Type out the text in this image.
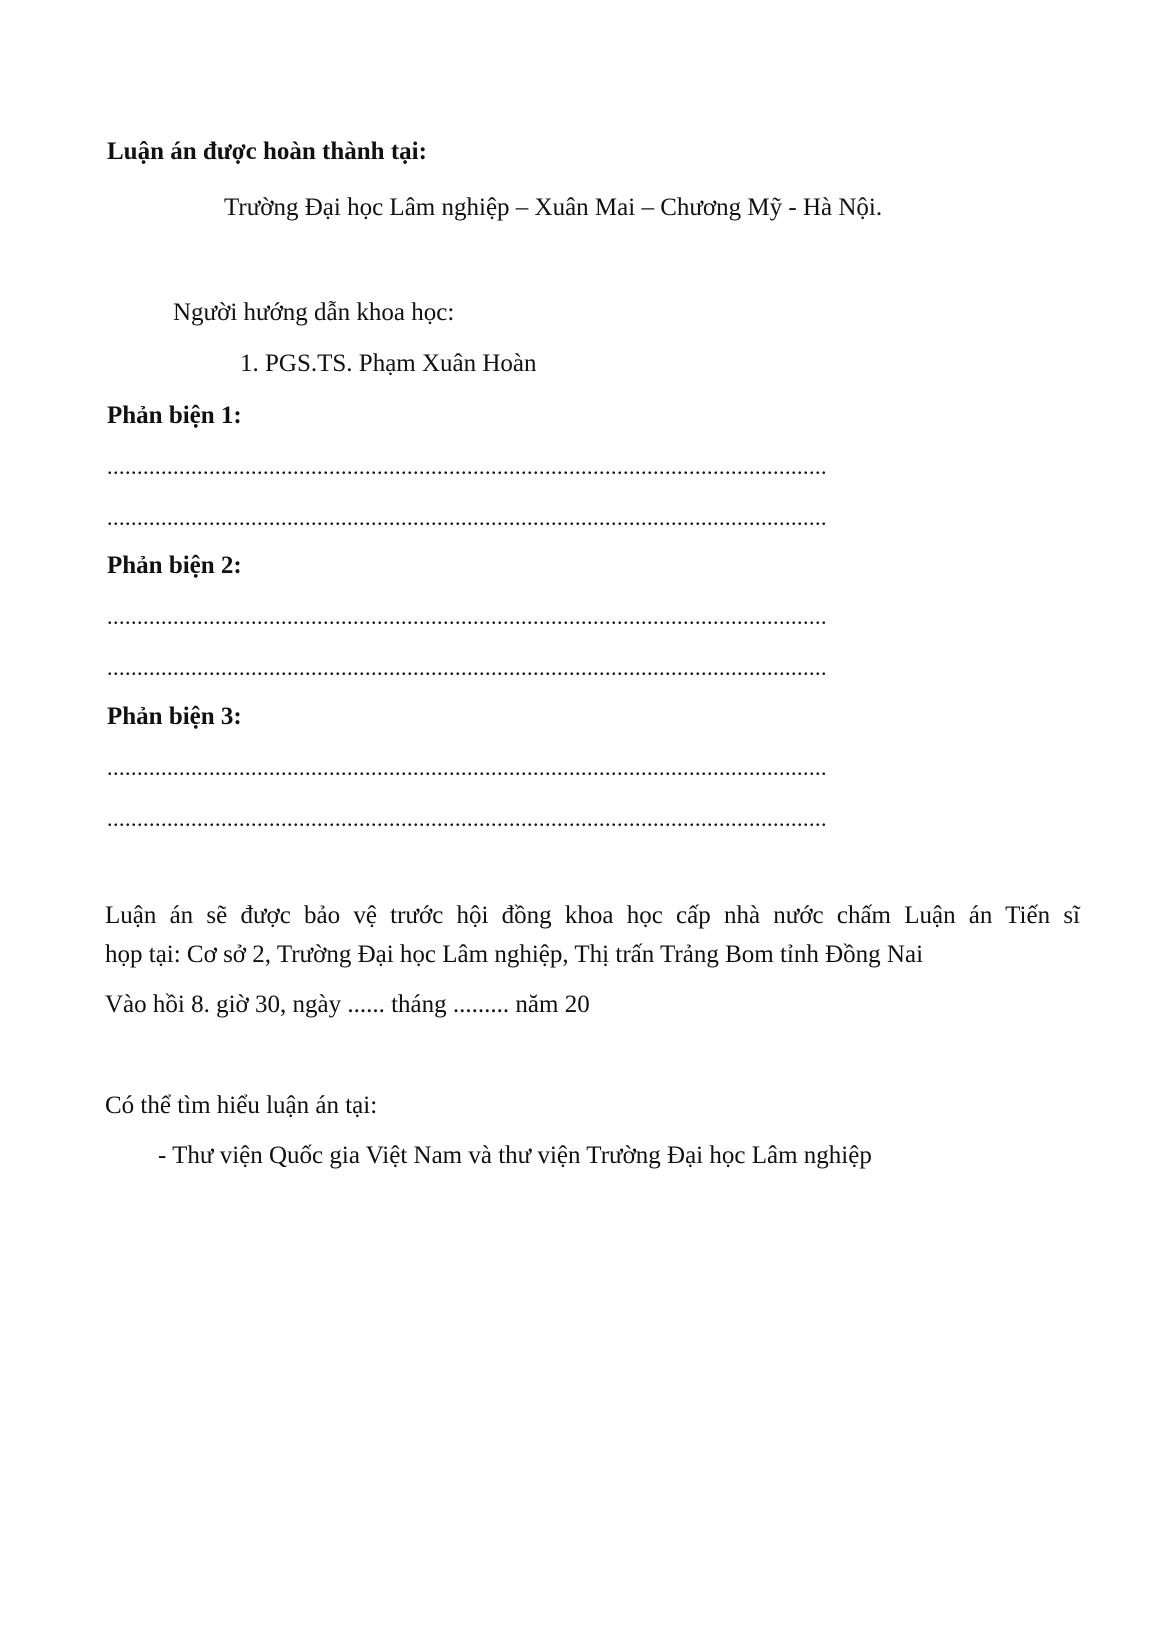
Luận án được hoàn thành tại:
Trường Đại học Lâm nghiệp – Xuân Mai – Chương Mỹ - Hà Nội.
Người hướng dẫn khoa học:
1. PGS.TS. Phạm Xuân Hoàn
Phản biện 1:
........................................................................................................................
........................................................................................................................
Phản biện 2:
........................................................................................................................
........................................................................................................................
Phản biện 3:
........................................................................................................................
........................................................................................................................
Luận án sẽ được bảo vệ trước hội đồng khoa học cấp nhà nước chấm Luận án Tiến sĩ
họp tại: Cơ sở 2, Trường Đại học Lâm nghiệp, Thị trấn Trảng Bom tỉnh Đồng Nai
Vào hồi 8. giờ 30, ngày ...... tháng ......... năm 20
Có thể tìm hiểu luận án tại:
- Thư viện Quốc gia Việt Nam và thư viện Trường Đại học Lâm nghiệp
